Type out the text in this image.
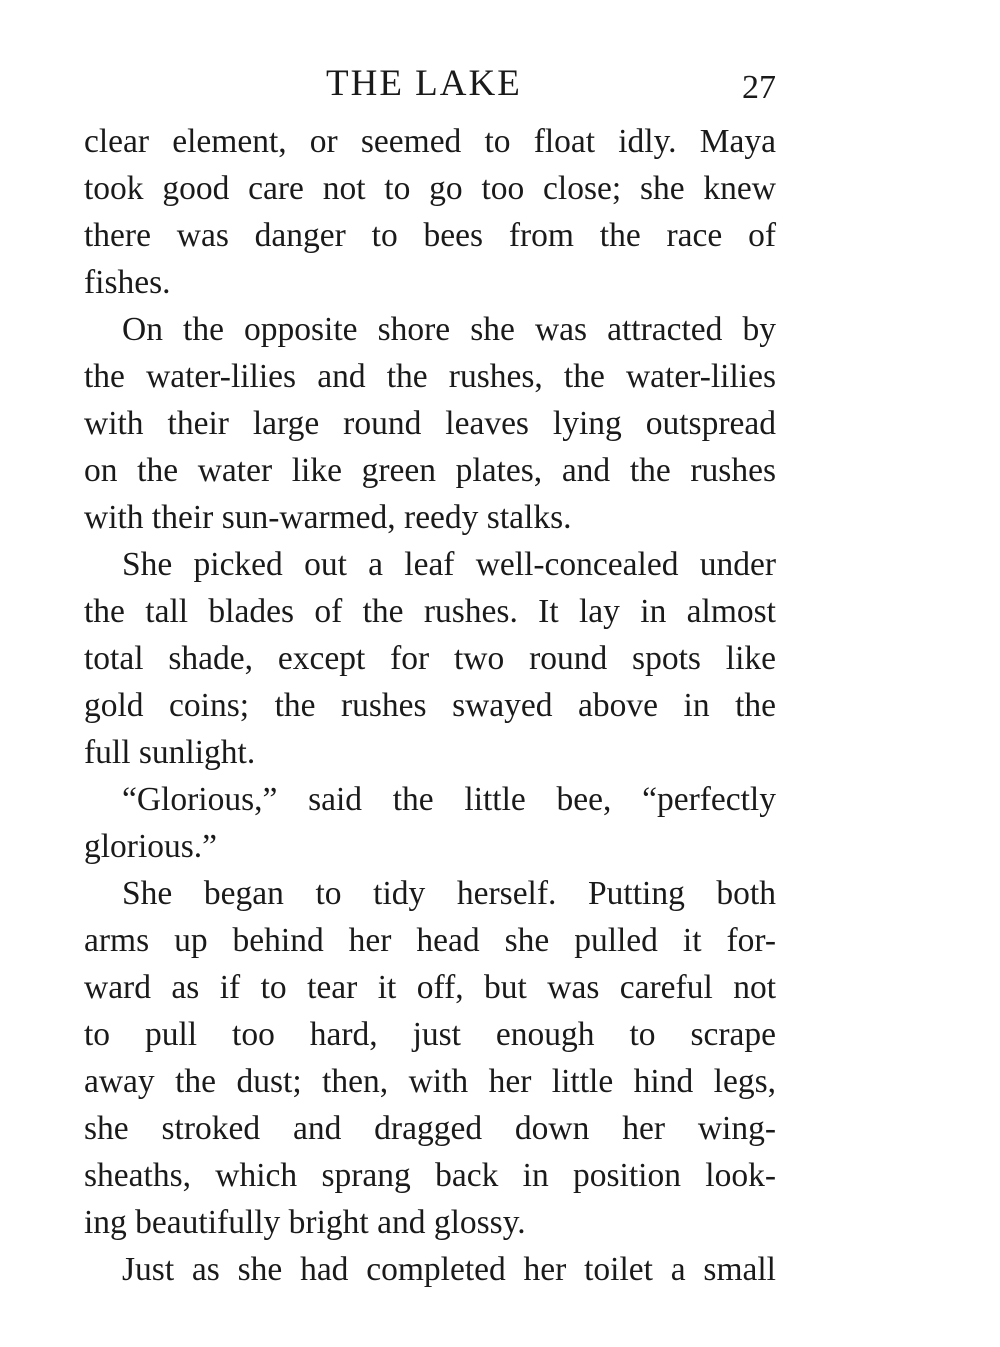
THE LAKE	27
clear element, or seemed to float idly. Maya
took good care not to go too close; she knew
there was danger to bees from the race of
fishes.
On the opposite shore she was attracted by
the water-lilies and the rushes, the water-lilies
with their large round leaves lying outspread
on the water like green plates, and the rushes
with their sun-warmed, reedy stalks.
She picked out a leaf well-concealed under
the tall blades of the rushes. It lay in almost
total shade, except for two round spots like
gold coins; the rushes swayed above in the
full sunlight.
“Glorious,” said the little bee, “perfectly
glorious.”
She began to tidy herself. Putting both
arms up behind her head she pulled it for-
ward as if to tear it off, but was careful not
to pull too hard, just enough to scrape
away the dust; then, with her little hind legs,
she stroked and dragged down her wing-
sheaths, which sprang back in position look-
ing beautifully bright and glossy.
Just as she had completed her toilet a small
